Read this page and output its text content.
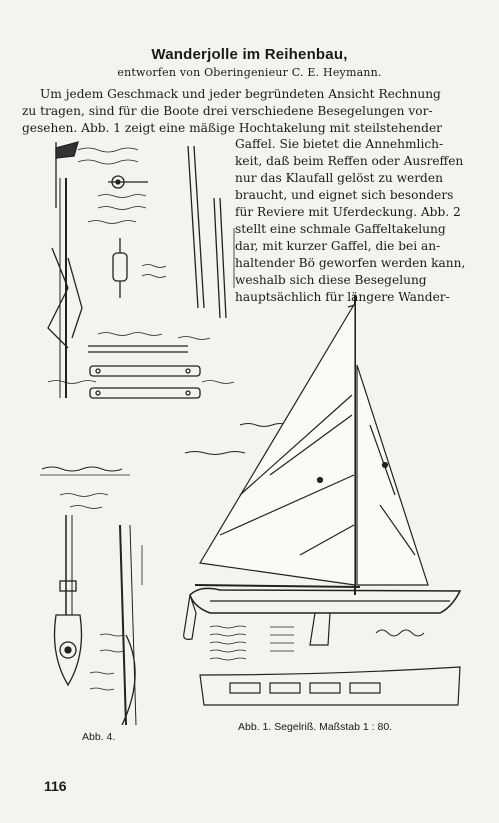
Wanderjolle im Reihenbau,
entworfen von Oberingenieur C. E. Heymann.
Um jedem Geschmack und jeder begründeten Ansicht Rechnung
zu tragen, sind für die Boote drei verschiedene Besegelungen vor-
gesehen. Abb. 1 zeigt eine mäßige Hochtakelung mit steilstehender
Gaffel. Sie bietet die Annehmlich-
keit, daß beim Reffen oder Ausreffen
nur das Klaufall gelöst zu werden
braucht, und eignet sich besonders
für Reviere mit Uferdeckung. Abb. 2
stellt eine schmale Gaffeltakelung
dar, mit kurzer Gaffel, die bei an-
haltender Bö geworfen werden kann,
weshalb sich diese Besegelung
hauptsächlich für längere Wander-
Abb. 1. Segelriß. Maßstab 1 : 80.
Abb. 4.
116
